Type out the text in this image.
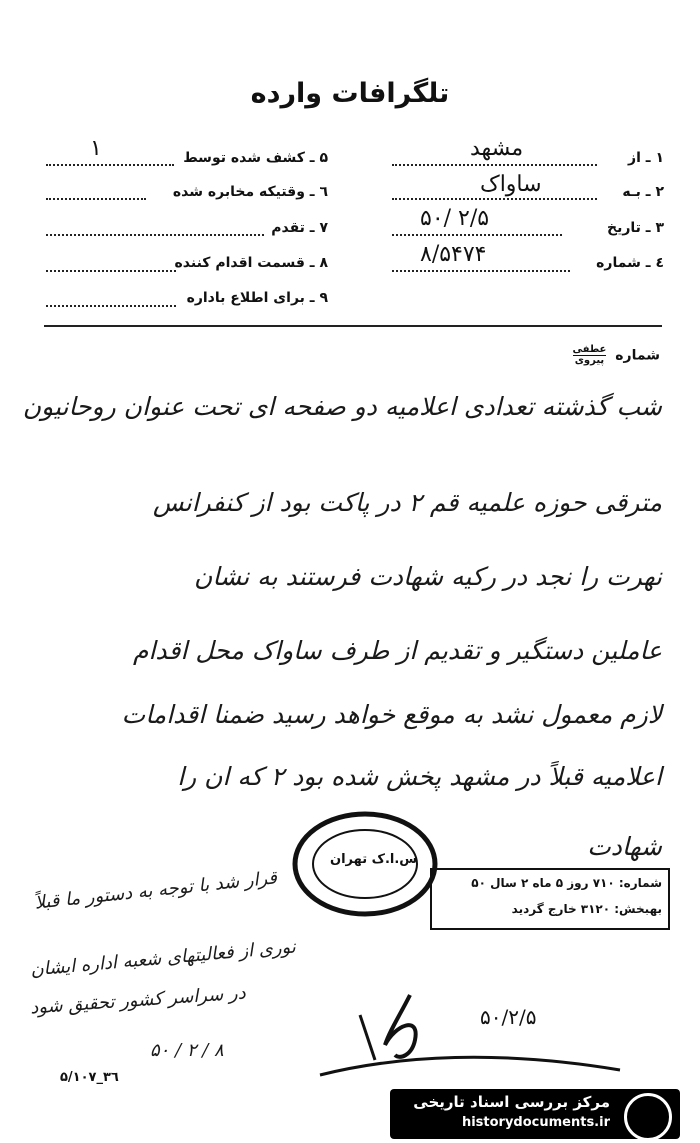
تلگرافات وارده
۱ ـ از
مشهد
۲ ـ بـه
ساواک
۳ ـ تاریخ
۲/۵ /۵۰
٤ ـ شماره
۸/۵۴۷۴
۵ ـ کشف شده توسط
۱
٦ ـ وقتیکه مخابره شده
۷ ـ تقدم
۸ ـ قسمت اقدام کننده
۹ ـ برای اطلاع باداره
شماره
عطفی
پیروی
شب گذشته تعدادی اعلامیه دو صفحه ای تحت عنوان روحانیون
مترقی حوزه علمیه قم ۲ در پاکت بود از کنفرانس
نهرت را نجد در رکیه شهادت فرستند به نشان
عاملین دستگیر و تقدیم از طرف ساواک محل اقدام
لازم معمول نشد به موقع خواهد رسید ضمنا اقدامات
اعلامیه قبلاً در مشهد پخش شده بود ۲ که ان را
شهادت
قرار شد با توجه به دستور ما قبلاً
نوری از فعالیتهای شعبه اداره ایشان
در سراسر کشور تحقیق شود
۸ / ۲ / ۵۰
س.ا.ک تهران
شماره: ۷۱۰ روز ۵ ماه ۲ سال ۵۰
بهبخش: ۳۱۲۰ خارج گردید
۵۰/۲/۵
۵/۱۰۷_۳٦
مرکز بررسی اسناد تاریخی
historydocuments.ir
